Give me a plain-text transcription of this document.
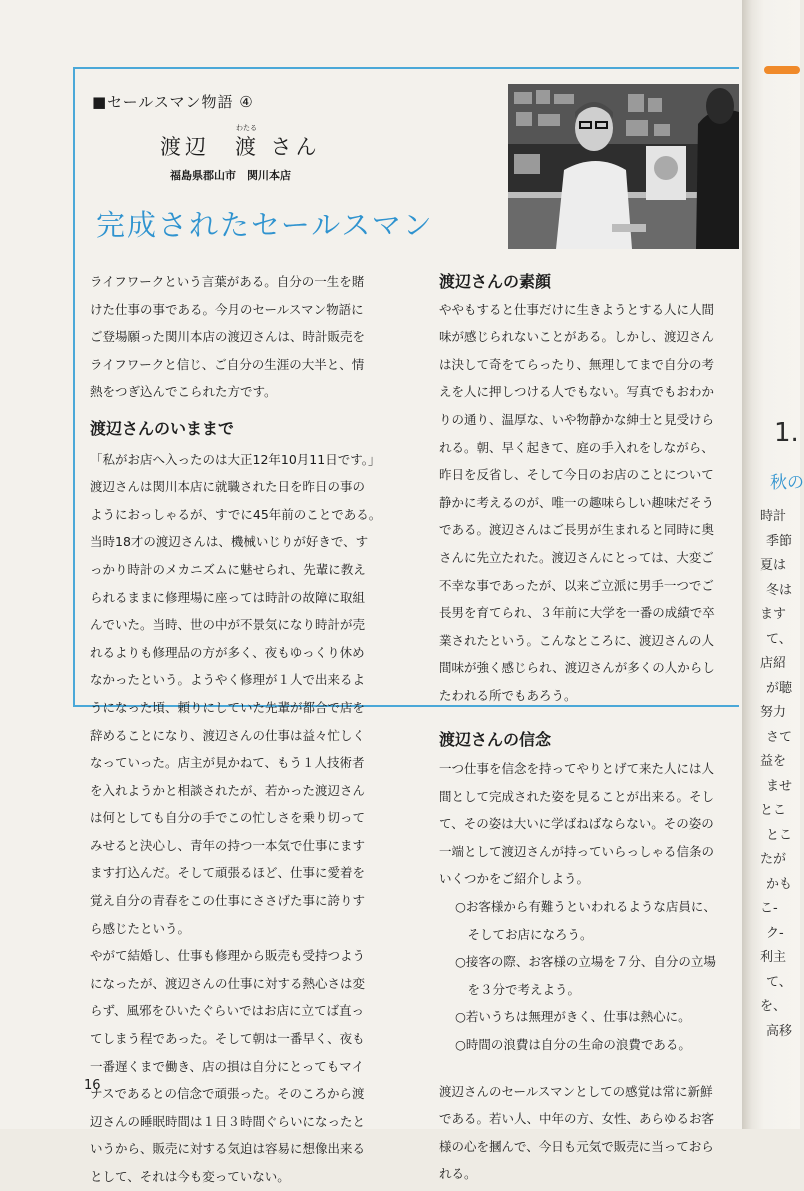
■セールスマン物語 ④
わたる
渡辺　渡 さん
福島県郡山市　関川本店
完成されたセールスマン

ライフワークという言葉がある。自分の一生を賭

けた仕事の事である。今月のセールスマン物語に

ご登場願った関川本店の渡辺さんは、時計販売を

ライフワークと信じ、ご自分の生涯の大半と、情

熱をつぎ込んでこられた方です。

渡辺さんのいままで

「私がお店へ入ったのは大正12年10月11日です。」

渡辺さんは関川本店に就職された日を昨日の事の

ようにおっしゃるが、すでに45年前のことである。

当時18才の渡辺さんは、機械いじりが好きで、す

っかり時計のメカニズムに魅せられ、先輩に教え

られるままに修理場に座っては時計の故障に取組

んでいた。当時、世の中が不景気になり時計が売

れるよりも修理品の方が多く、夜もゆっくり休め

なかったという。ようやく修理が１人で出来るよ

うになった頃、頼りにしていた先輩が都合で店を

辞めることになり、渡辺さんの仕事は益々忙しく

なっていった。店主が見かねて、もう１人技術者

を入れようかと相談されたが、若かった渡辺さん

は何としても自分の手でこの忙しさを乗り切って

みせると決心し、青年の持つ一本気で仕事にます

ます打込んだ。そして頑張るほど、仕事に愛着を

覚え自分の青春をこの仕事にささげた事に誇りす

ら感じたという。

やがて結婚し、仕事も修理から販売も受持つよう

になったが、渡辺さんの仕事に対する熱心さは変

らず、風邪をひいたぐらいではお店に立てば直っ

てしまう程であった。そして朝は一番早く、夜も

一番遅くまで働き、店の損は自分にとってもマイ

ナスであるとの信念で頑張った。そのころから渡

辺さんの睡眠時間は１日３時間ぐらいになったと

いうから、販売に対する気迫は容易に想像出来る

として、それは今も変っていない。

渡辺さんの素顔

ややもすると仕事だけに生きようとする人に人間

味が感じられないことがある。しかし、渡辺さん

は決して奇をてらったり、無理してまで自分の考

えを人に押しつける人でもない。写真でもおわか

りの通り、温厚な、いや物静かな紳士と見受けら

れる。朝、早く起きて、庭の手入れをしながら、

昨日を反省し、そして今日のお店のことについて

静かに考えるのが、唯一の趣味らしい趣味だそう

である。渡辺さんはご長男が生まれると同時に奥

さんに先立たれた。渡辺さんにとっては、大変ご

不幸な事であったが、以来ご立派に男手一つでご

長男を育てられ、３年前に大学を一番の成績で卒

業されたという。こんなところに、渡辺さんの人

間味が強く感じられ、渡辺さんが多くの人からし

たわれる所でもあろう。

渡辺さんの信念

一つ仕事を信念を持ってやりとげて来た人には人

間として完成された姿を見ることが出来る。そし

て、その姿は大いに学ばねばならない。その姿の

一端として渡辺さんが持っていらっしゃる信条の

いくつかをご紹介しよう。

○お客様から有難うといわれるような店員に、

　そしてお店になろう。

○接客の際、お客様の立場を７分、自分の立場

　を３分で考えよう。

○若いうちは無理がきく、仕事は熱心に。

○時間の浪費は自分の生命の浪費である。

渡辺さんのセールスマンとしての感覚は常に新鮮

である。若い人、中年の方、女性、あらゆるお客

様の心を摑んで、今日も元気で販売に当っておら

れる。

16
1.
秋の
時計
季節
夏は
冬は
ます
て、
店紹
が聴
努力
さて
益を
ませ
とこ
とこ
たが
かも
こ-
ク-
利主
て、
を、
高移
